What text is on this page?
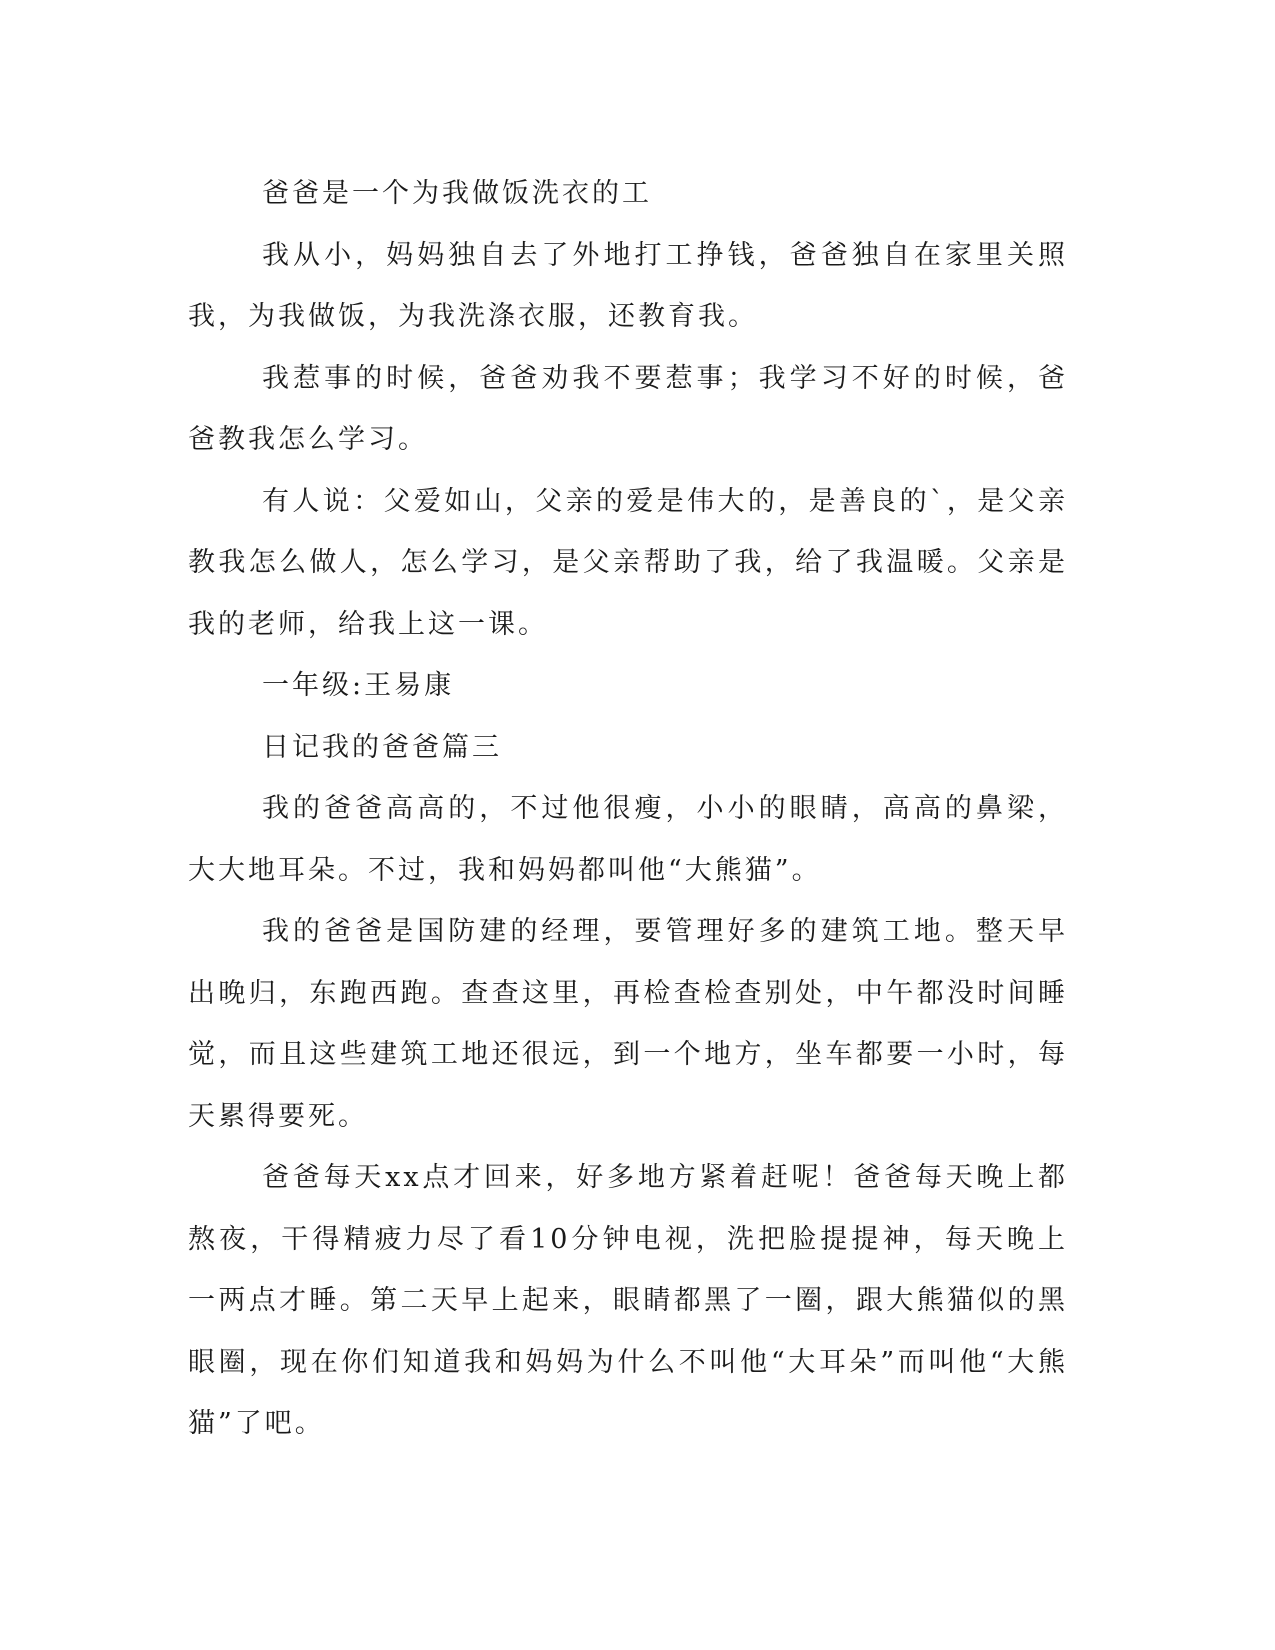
爸爸是一个为我做饭洗衣的工

我从小，妈妈独自去了外地打工挣钱，爸爸独自在家里关照我，为我做饭，为我洗涤衣服，还教育我。

我惹事的时候，爸爸劝我不要惹事；我学习不好的时候，爸爸教我怎么学习。

有人说：父爱如山，父亲的爱是伟大的，是善良的`，是父亲教我怎么做人，怎么学习，是父亲帮助了我，给了我温暖。父亲是我的老师，给我上这一课。

一年级:王易康

日记我的爸爸篇三

我的爸爸高高的，不过他很瘦，小小的眼睛，高高的鼻梁，大大地耳朵。不过，我和妈妈都叫他“大熊猫”。

我的爸爸是国防建的经理，要管理好多的建筑工地。整天早出晚归，东跑西跑。查查这里，再检查检查别处，中午都没时间睡觉，而且这些建筑工地还很远，到一个地方，坐车都要一小时，每天累得要死。

爸爸每天xx点才回来，好多地方紧着赶呢！爸爸每天晚上都熬夜，干得精疲力尽了看10分钟电视，洗把脸提提神，每天晚上一两点才睡。第二天早上起来，眼睛都黑了一圈，跟大熊猫似的黑眼圈，现在你们知道我和妈妈为什么不叫他“大耳朵”而叫他“大熊猫”了吧。
